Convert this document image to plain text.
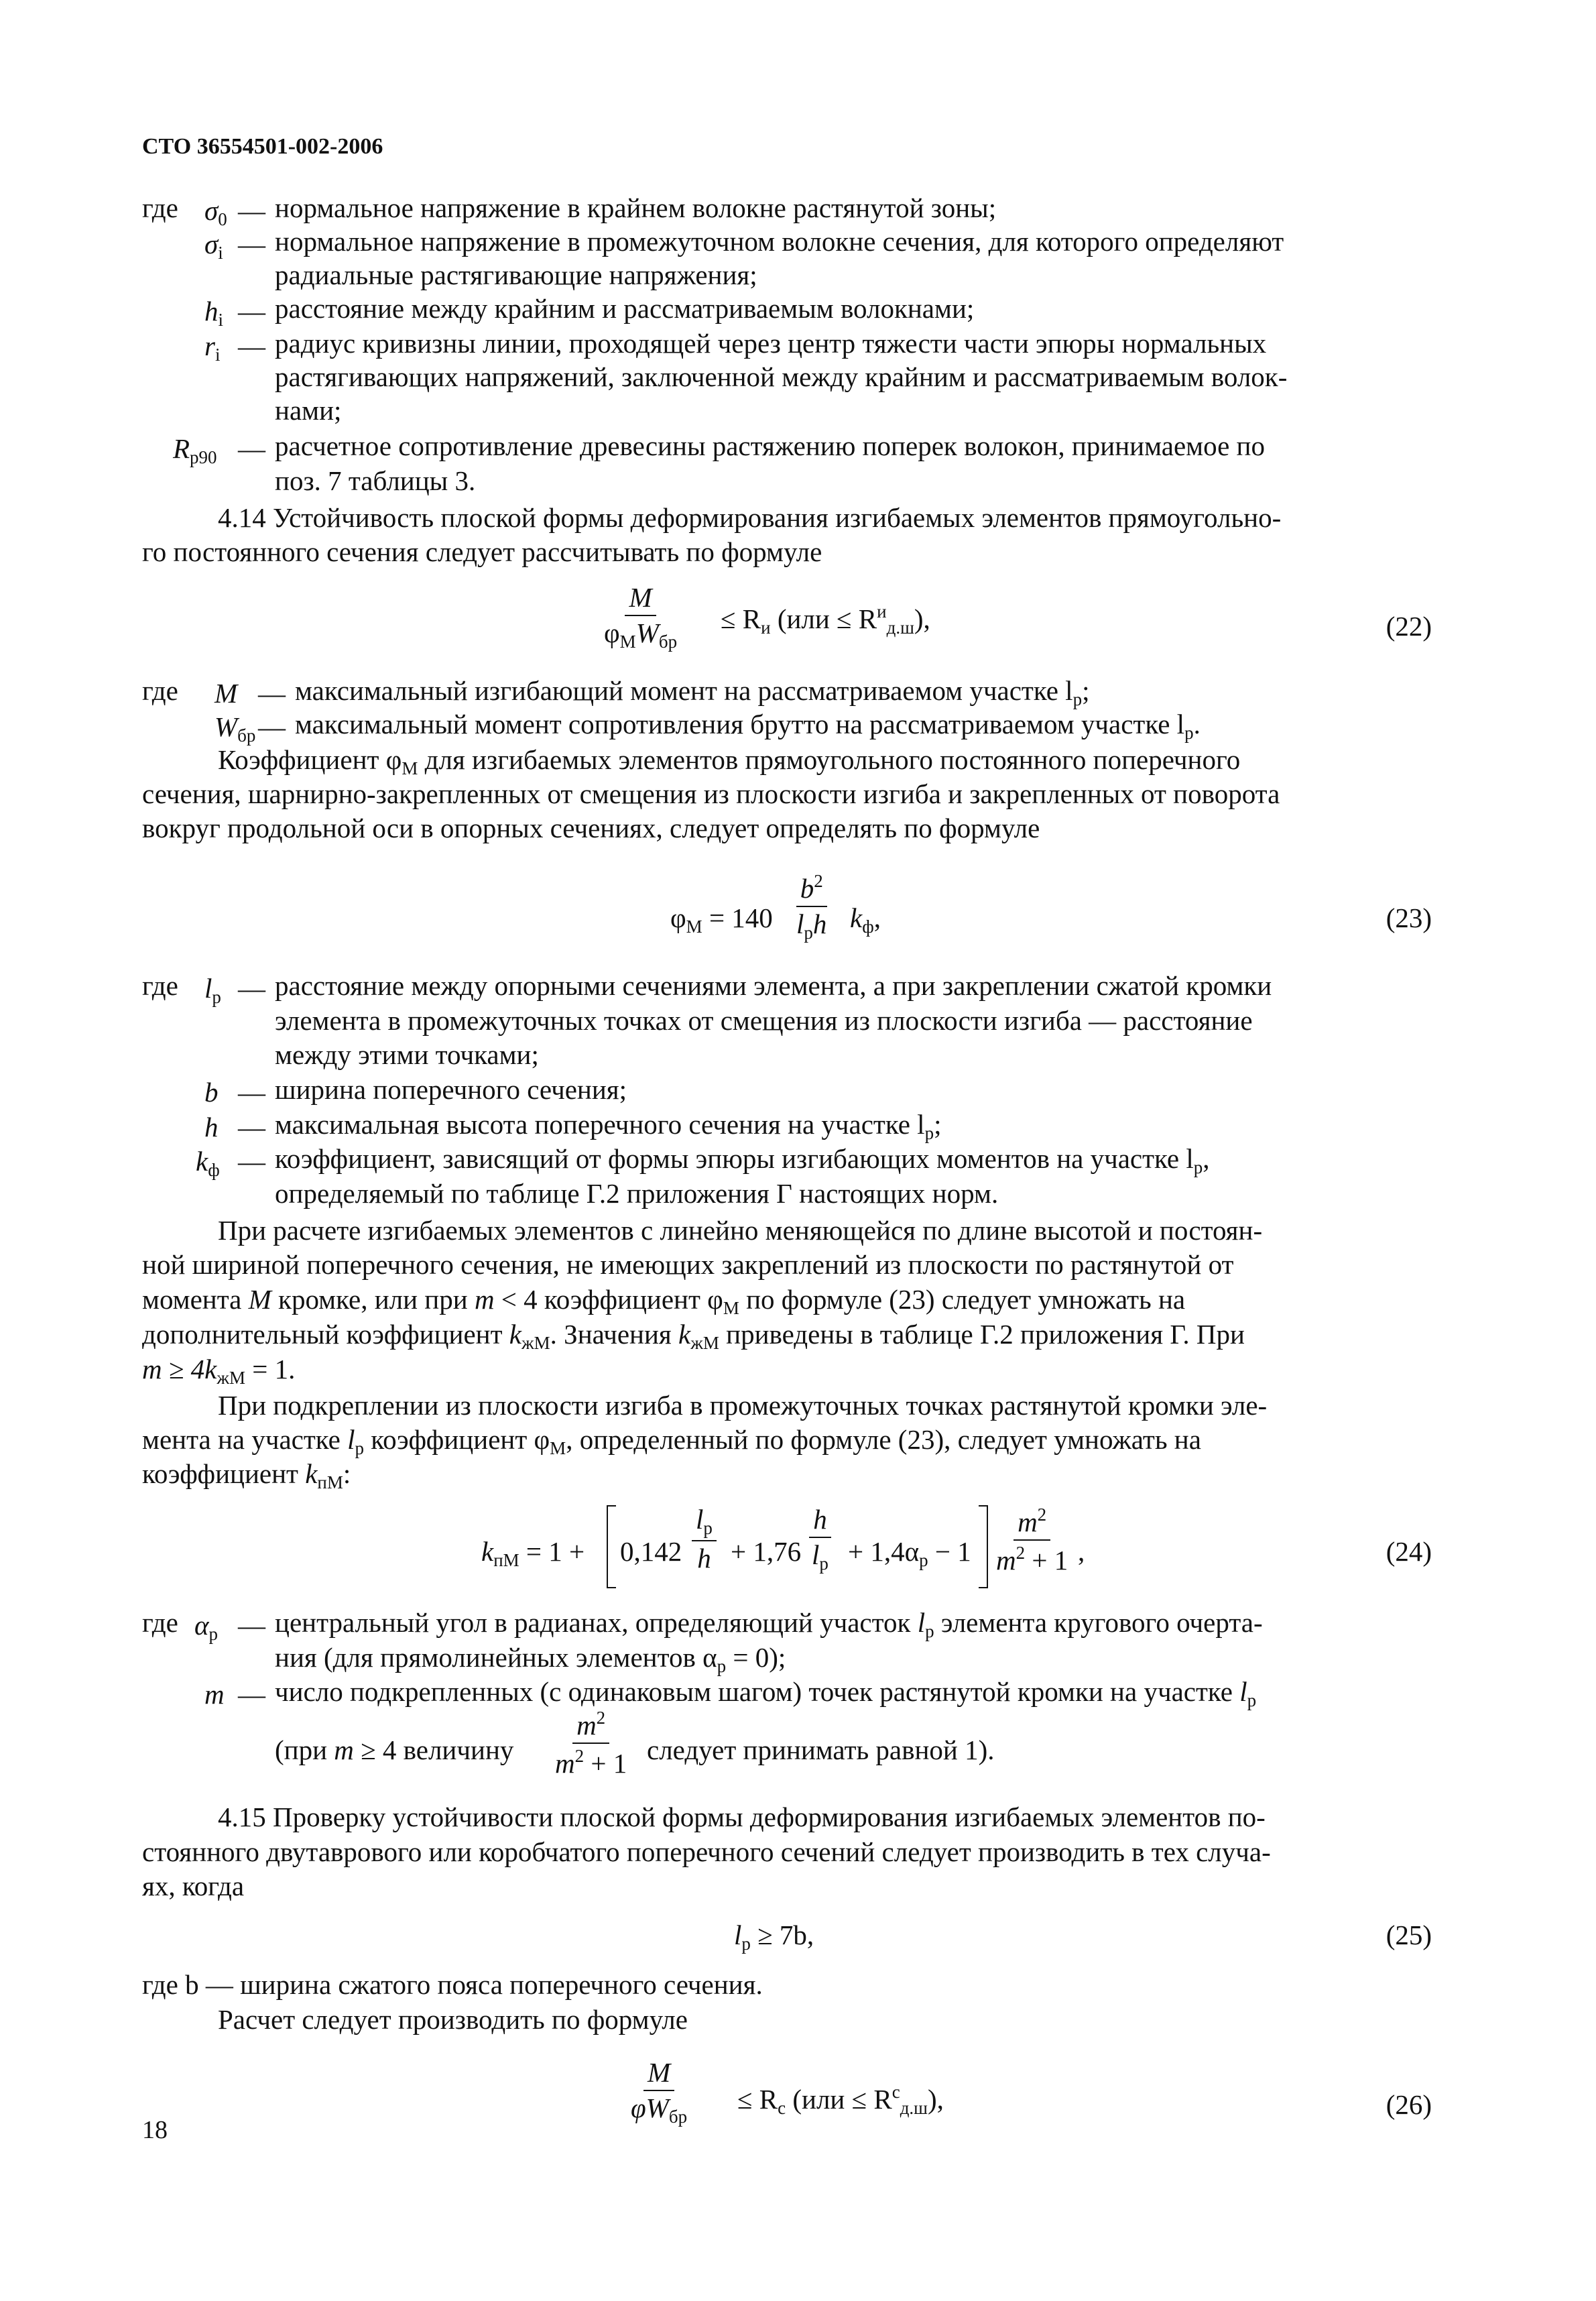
СТО 36554501-002-2006
где $\sigma_0$ — нормальное напряжение в крайнем волокне растянутой зоны;
$\sigma_i$ — нормальное напряжение в промежуточном волокне сечения, для которого определяют
радиальные растягивающие напряжения;
$h_i$ — расстояние между крайним и рассматриваемым волокнами;
$r_i$ — радиус кривизны линии, проходящей через центр тяжести части эпюры нормальных
растягивающих напряжений, заключенной между крайним и рассматриваемым волок-
нами;
$R_{р90}$ — расчетное сопротивление древесины растяжению поперек волокон, принимаемое по
поз. 7 таблицы 3.
4.14 Устойчивость плоской формы деформирования изгибаемых элементов прямоугольно-
го постоянного сечения следует рассчитывать по формуле
M
$\varphi_MW_{бр}$
≤ $R_и$ $(или \le R^и_{д.ш})$,	(22)
где M — максимальный изгибающий момент на рассматриваемом участке $l_р$;
$W_{бр}$ — максимальный момент сопротивления брутто на рассматриваемом участке $l_р$.
Коэффициент $\varphi_M$ для изгибаемых элементов прямоугольного постоянного поперечного
сечения, шарнирно-закрепленных от смещения из плоскости изгиба и закрепленных от поворота
вокруг продольной оси в опорных сечениях, следует определять по формуле
$\varphi_M = 140$
$b^2$
$l_рh$ $k_ф$,	(23)
где $l_р$ — расстояние между опорными сечениями элемента, а при закреплении сжатой кромки
элемента в промежуточных точках от смещения из плоскости изгиба — расстояние
между этими точками;
b — ширина поперечного сечения;
h — максимальная высота поперечного сечения на участке $l_р$;
$k_ф$ — коэффициент, зависящий от формы эпюры изгибающих моментов на участке $l_р$,
определяемый по таблице Г.2 приложения Г настоящих норм.
При расчете изгибаемых элементов с линейно меняющейся по длине высотой и постоян-
ной шириной поперечного сечения, не имеющих закреплений из плоскости по растянутой от
момента M кромке, или при m < 4 коэффициент $\varphi_M$ по формуле (23) следует умножать на
дополнительный коэффициент $k_{жM}$. Значения $k_{жM}$ приведены в таблице Г.2 приложения Г. При
$m \ge 4k_{жM} = 1$.
При подкреплении из плоскости изгиба в промежуточных точках растянутой кромки эле-
мента на участке $l_р$ коэффициент $\varphi_M$, определенный по формуле (23), следует умножать на
коэффициент $k_{пM}$:
$k_{пM} = 1 + 0,142$
$l_р$
h + 1,76
h
$l_р + 1,4\alpha_р - 1 \frac{m^2}{m^2 + 1}$ ,	(24)
где $\alpha_р$ — центральный угол в радианах, определяющий участок $l_р$ элемента кругового очерта-
ния (для прямолинейных элементов $\alpha_р = 0$);
m — число подкрепленных (с одинаковым шагом) точек растянутой кромки на участке $l_р$
(при m ≥ 4 величину $\frac{m^2}{m^2 + 1}$ следует принимать равной 1).
4.15 Проверку устойчивости плоской формы деформирования изгибаемых элементов по-
стоянного двутаврового или коробчатого поперечного сечений следует производить в тех случа-
ях, когда
$l_р \ge 7b$,	(25)
где b — ширина сжатого пояса поперечного сечения.
Расчет следует производить по формуле
M
$\varphi W_{бр}$
≤ $R_c$ $(или \le R^c_{д.ш})$,	(26)
18
